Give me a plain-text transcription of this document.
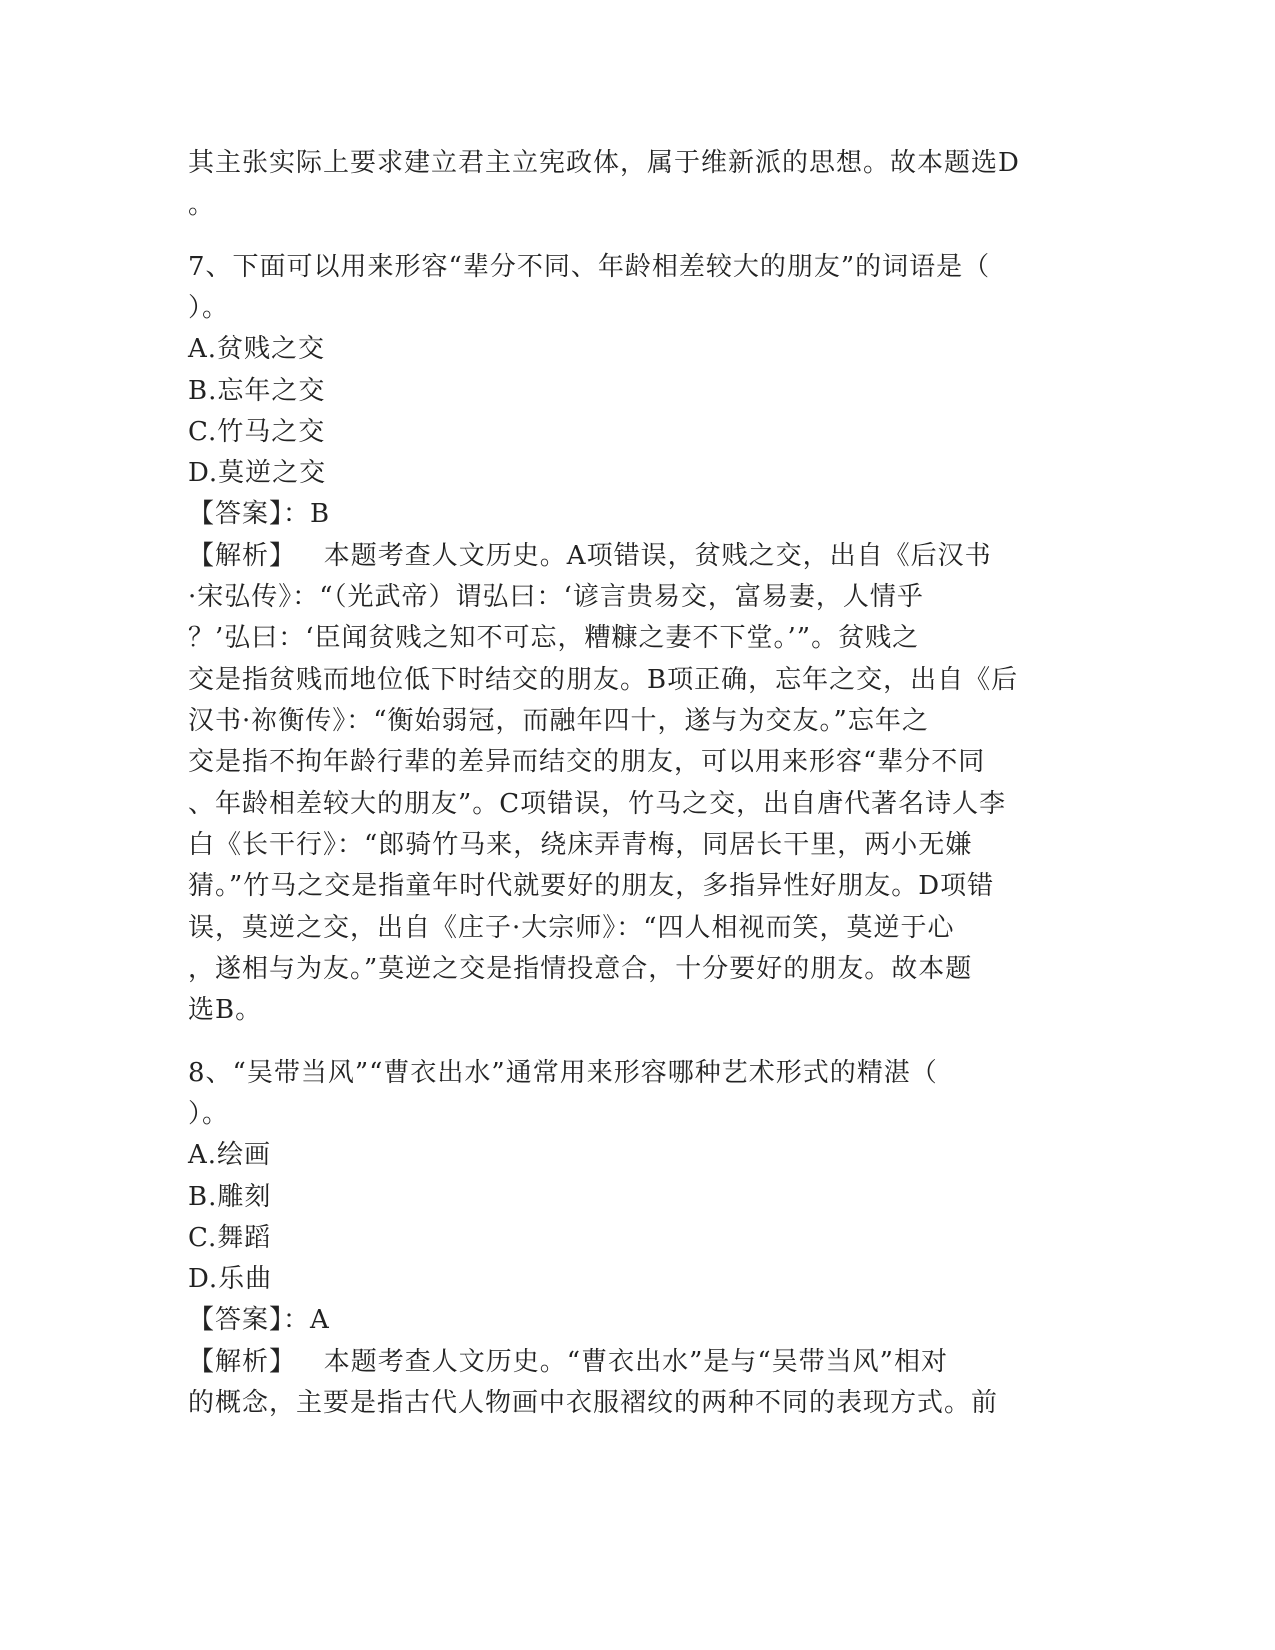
其主张实际上要求建立君主立宪政体，属于维新派的思想。故本题选D

。

7、下面可以用来形容“辈分不同、年龄相差较大的朋友”的词语是（

）。

A.贫贱之交

B.忘年之交

C.竹马之交

D.莫逆之交

【答案】：B

【解析】   本题考查人文历史。A项错误，贫贱之交，出自《后汉书

·宋弘传》：“（光武帝）谓弘曰：‘谚言贵易交，富易妻，人情乎

？’弘曰：‘臣闻贫贱之知不可忘，糟糠之妻不下堂。’”。贫贱之

交是指贫贱而地位低下时结交的朋友。B项正确，忘年之交，出自《后

汉书·祢衡传》：“衡始弱冠，而融年四十，遂与为交友。”忘年之

交是指不拘年龄行辈的差异而结交的朋友，可以用来形容“辈分不同

、年龄相差较大的朋友”。C项错误，竹马之交，出自唐代著名诗人李

白《长干行》：“郎骑竹马来，绕床弄青梅，同居长干里，两小无嫌

猜。”竹马之交是指童年时代就要好的朋友，多指异性好朋友。D项错

误，莫逆之交，出自《庄子·大宗师》：“四人相视而笑，莫逆于心

，遂相与为友。”莫逆之交是指情投意合，十分要好的朋友。故本题

选B。

8、“吴带当风”“曹衣出水”通常用来形容哪种艺术形式的精湛（

）。

A.绘画

B.雕刻

C.舞蹈

D.乐曲

【答案】：A

【解析】   本题考查人文历史。“曹衣出水”是与“吴带当风”相对

的概念，主要是指古代人物画中衣服褶纹的两种不同的表现方式。前
